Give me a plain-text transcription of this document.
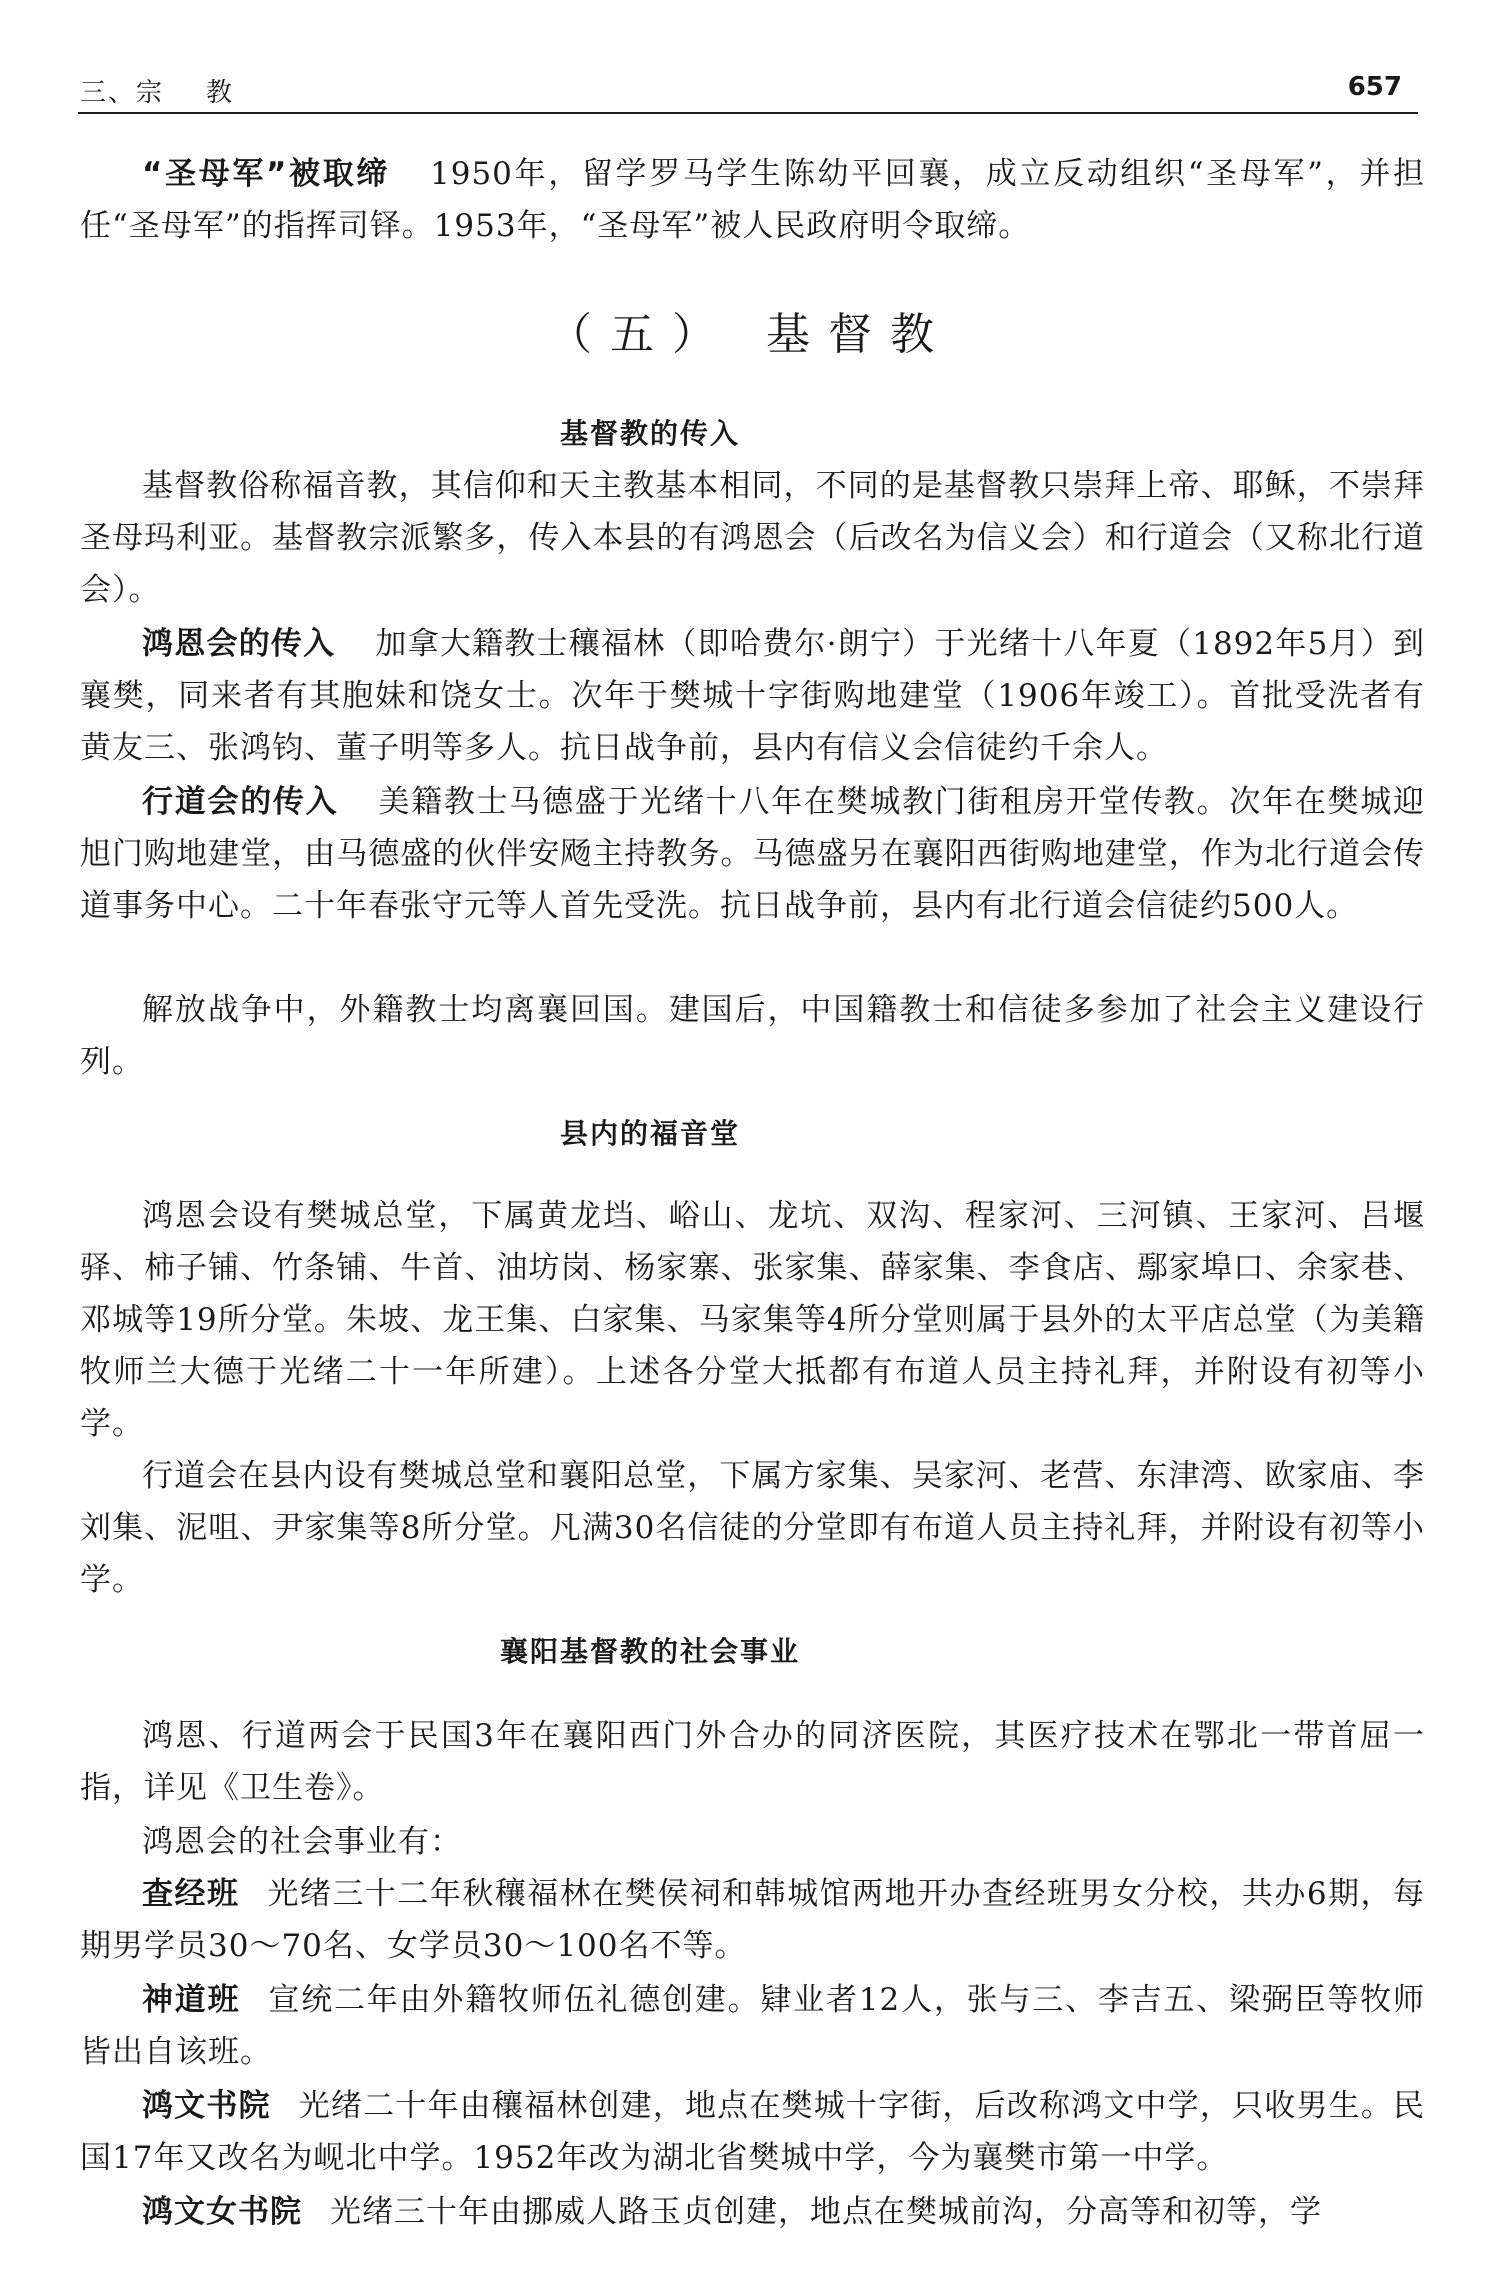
三、宗 教	657
“圣母军”被取缔 1950年，留学罗马学生陈幼平回襄，成立反动组织“圣母军”，并担任“圣母军”的指挥司铎。1953年，“圣母军”被人民政府明令取缔。
（五） 基督教
基督教的传入
基督教俗称福音教，其信仰和天主教基本相同，不同的是基督教只崇拜上帝、耶稣，不崇拜圣母玛利亚。基督教宗派繁多，传入本县的有鸿恩会（后改名为信义会）和行道会（又称北行道会）。
鸿恩会的传入 加拿大籍教士穰福林（即哈费尔·朗宁）于光绪十八年夏（1892年5月）到襄樊，同来者有其胞妹和饶女士。次年于樊城十字街购地建堂（1906年竣工）。首批受洗者有黄友三、张鸿钧、董子明等多人。抗日战争前，县内有信义会信徒约千余人。
行道会的传入 美籍教士马德盛于光绪十八年在樊城教门街租房开堂传教。次年在樊城迎旭门购地建堂，由马德盛的伙伴安飏主持教务。马德盛另在襄阳西街购地建堂，作为北行道会传道事务中心。二十年春张守元等人首先受洗。抗日战争前，县内有北行道会信徒约500人。
解放战争中，外籍教士均离襄回国。建国后，中国籍教士和信徒多参加了社会主义建设行列。
县内的福音堂
鸿恩会设有樊城总堂，下属黄龙垱、峪山、龙坑、双沟、程家河、三河镇、王家河、吕堰驿、柿子铺、竹条铺、牛首、油坊岗、杨家寨、张家集、薛家集、李食店、鄢家埠口、余家巷、邓城等19所分堂。朱坡、龙王集、白家集、马家集等4所分堂则属于县外的太平店总堂（为美籍牧师兰大德于光绪二十一年所建）。上述各分堂大抵都有布道人员主持礼拜，并附设有初等小学。
行道会在县内设有樊城总堂和襄阳总堂，下属方家集、吴家河、老营、东津湾、欧家庙、李刘集、泥咀、尹家集等8所分堂。凡满30名信徒的分堂即有布道人员主持礼拜，并附设有初等小学。
襄阳基督教的社会事业
鸿恩、行道两会于民国3年在襄阳西门外合办的同济医院，其医疗技术在鄂北一带首屈一指，详见《卫生卷》。
鸿恩会的社会事业有：
查经班 光绪三十二年秋穰福林在樊侯祠和韩城馆两地开办查经班男女分校，共办6期，每期男学员30～70名、女学员30～100名不等。
神道班 宣统二年由外籍牧师伍礼德创建。肄业者12人，张与三、李吉五、梁弼臣等牧师皆出自该班。
鸿文书院 光绪二十年由穰福林创建，地点在樊城十字街，后改称鸿文中学，只收男生。民国17年又改名为岘北中学。1952年改为湖北省樊城中学，今为襄樊市第一中学。
鸿文女书院 光绪三十年由挪威人路玉贞创建，地点在樊城前沟，分高等和初等，学
